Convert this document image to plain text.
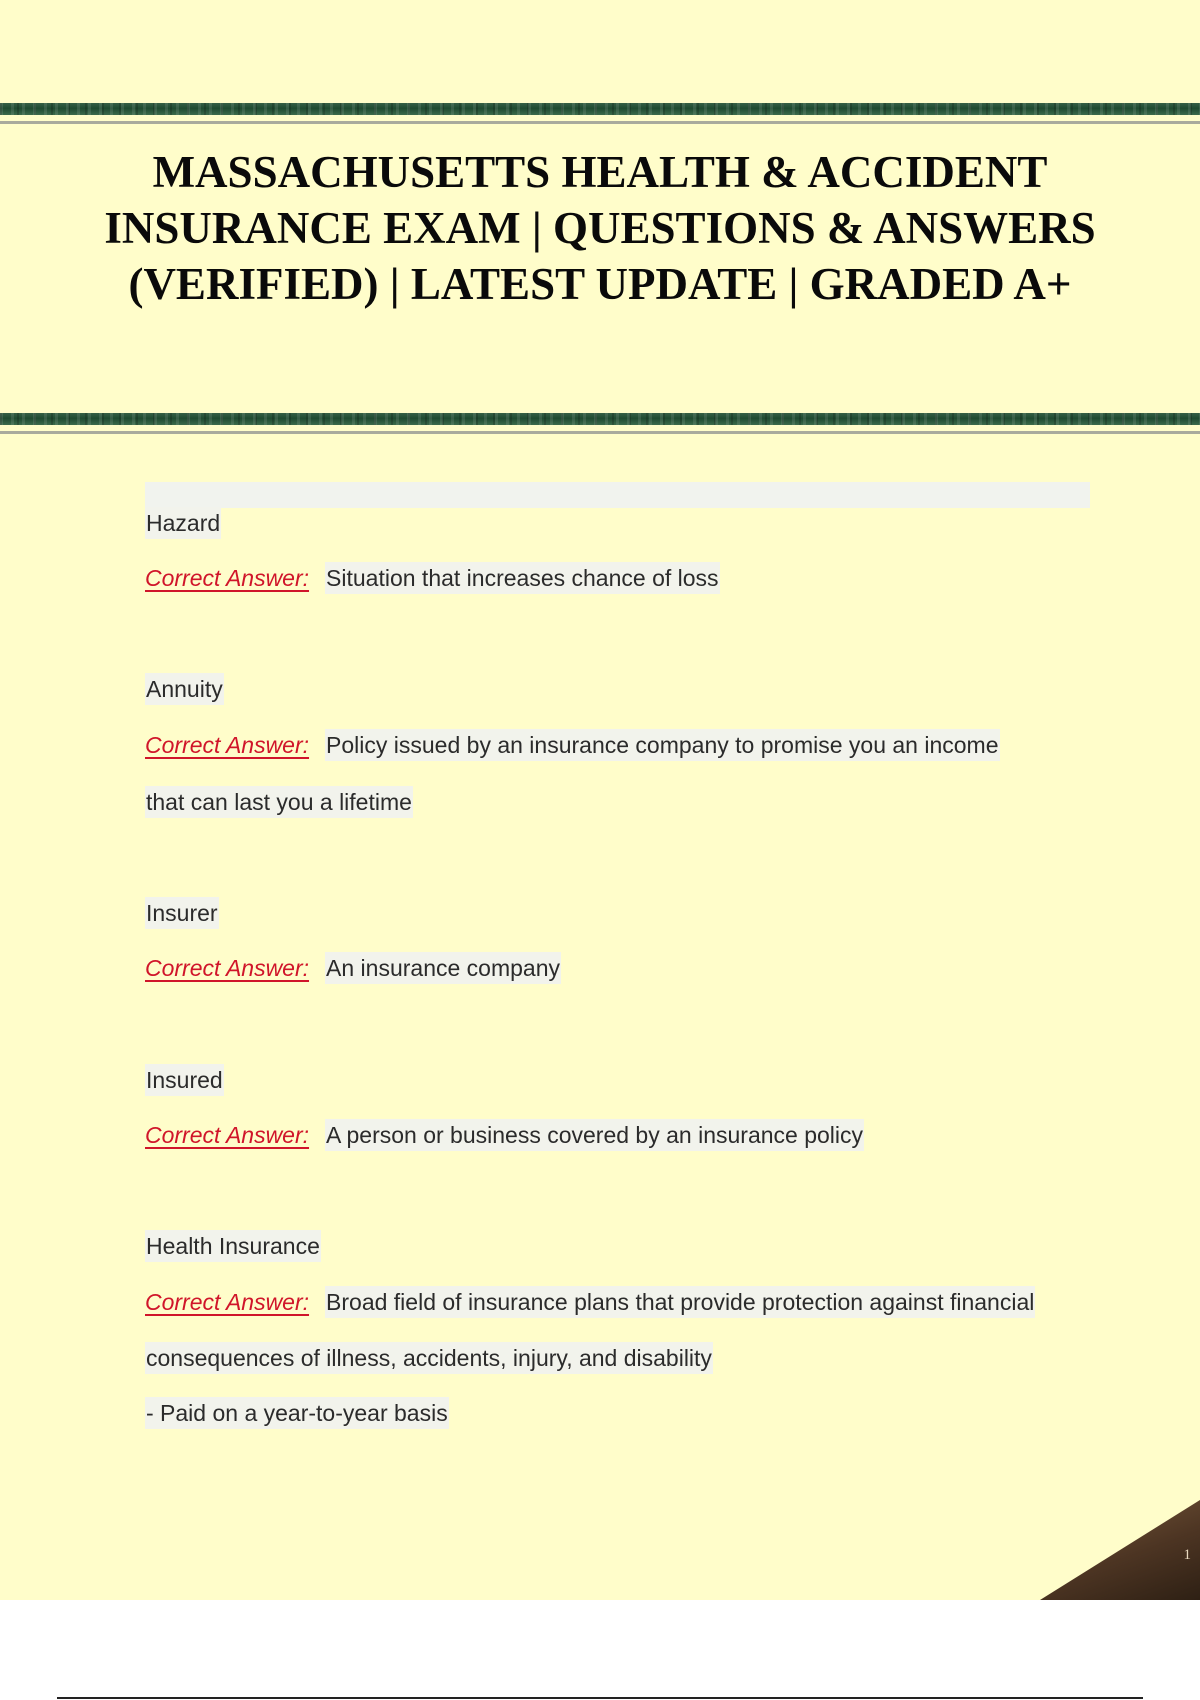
MASSACHUSETTS HEALTH & ACCIDENT INSURANCE EXAM | QUESTIONS & ANSWERS (VERIFIED) | LATEST UPDATE | GRADED A+

Hazard

Correct Answer: Situation that increases chance of loss

Annuity

Correct Answer: Policy issued by an insurance company to promise you an income

that can last you a lifetime

Insurer

Correct Answer: An insurance company

Insured

Correct Answer: A person or business covered by an insurance policy

Health Insurance

Correct Answer: Broad field of insurance plans that provide protection against financial

consequences of illness, accidents, injury, and disability

- Paid on a year-to-year basis

1
